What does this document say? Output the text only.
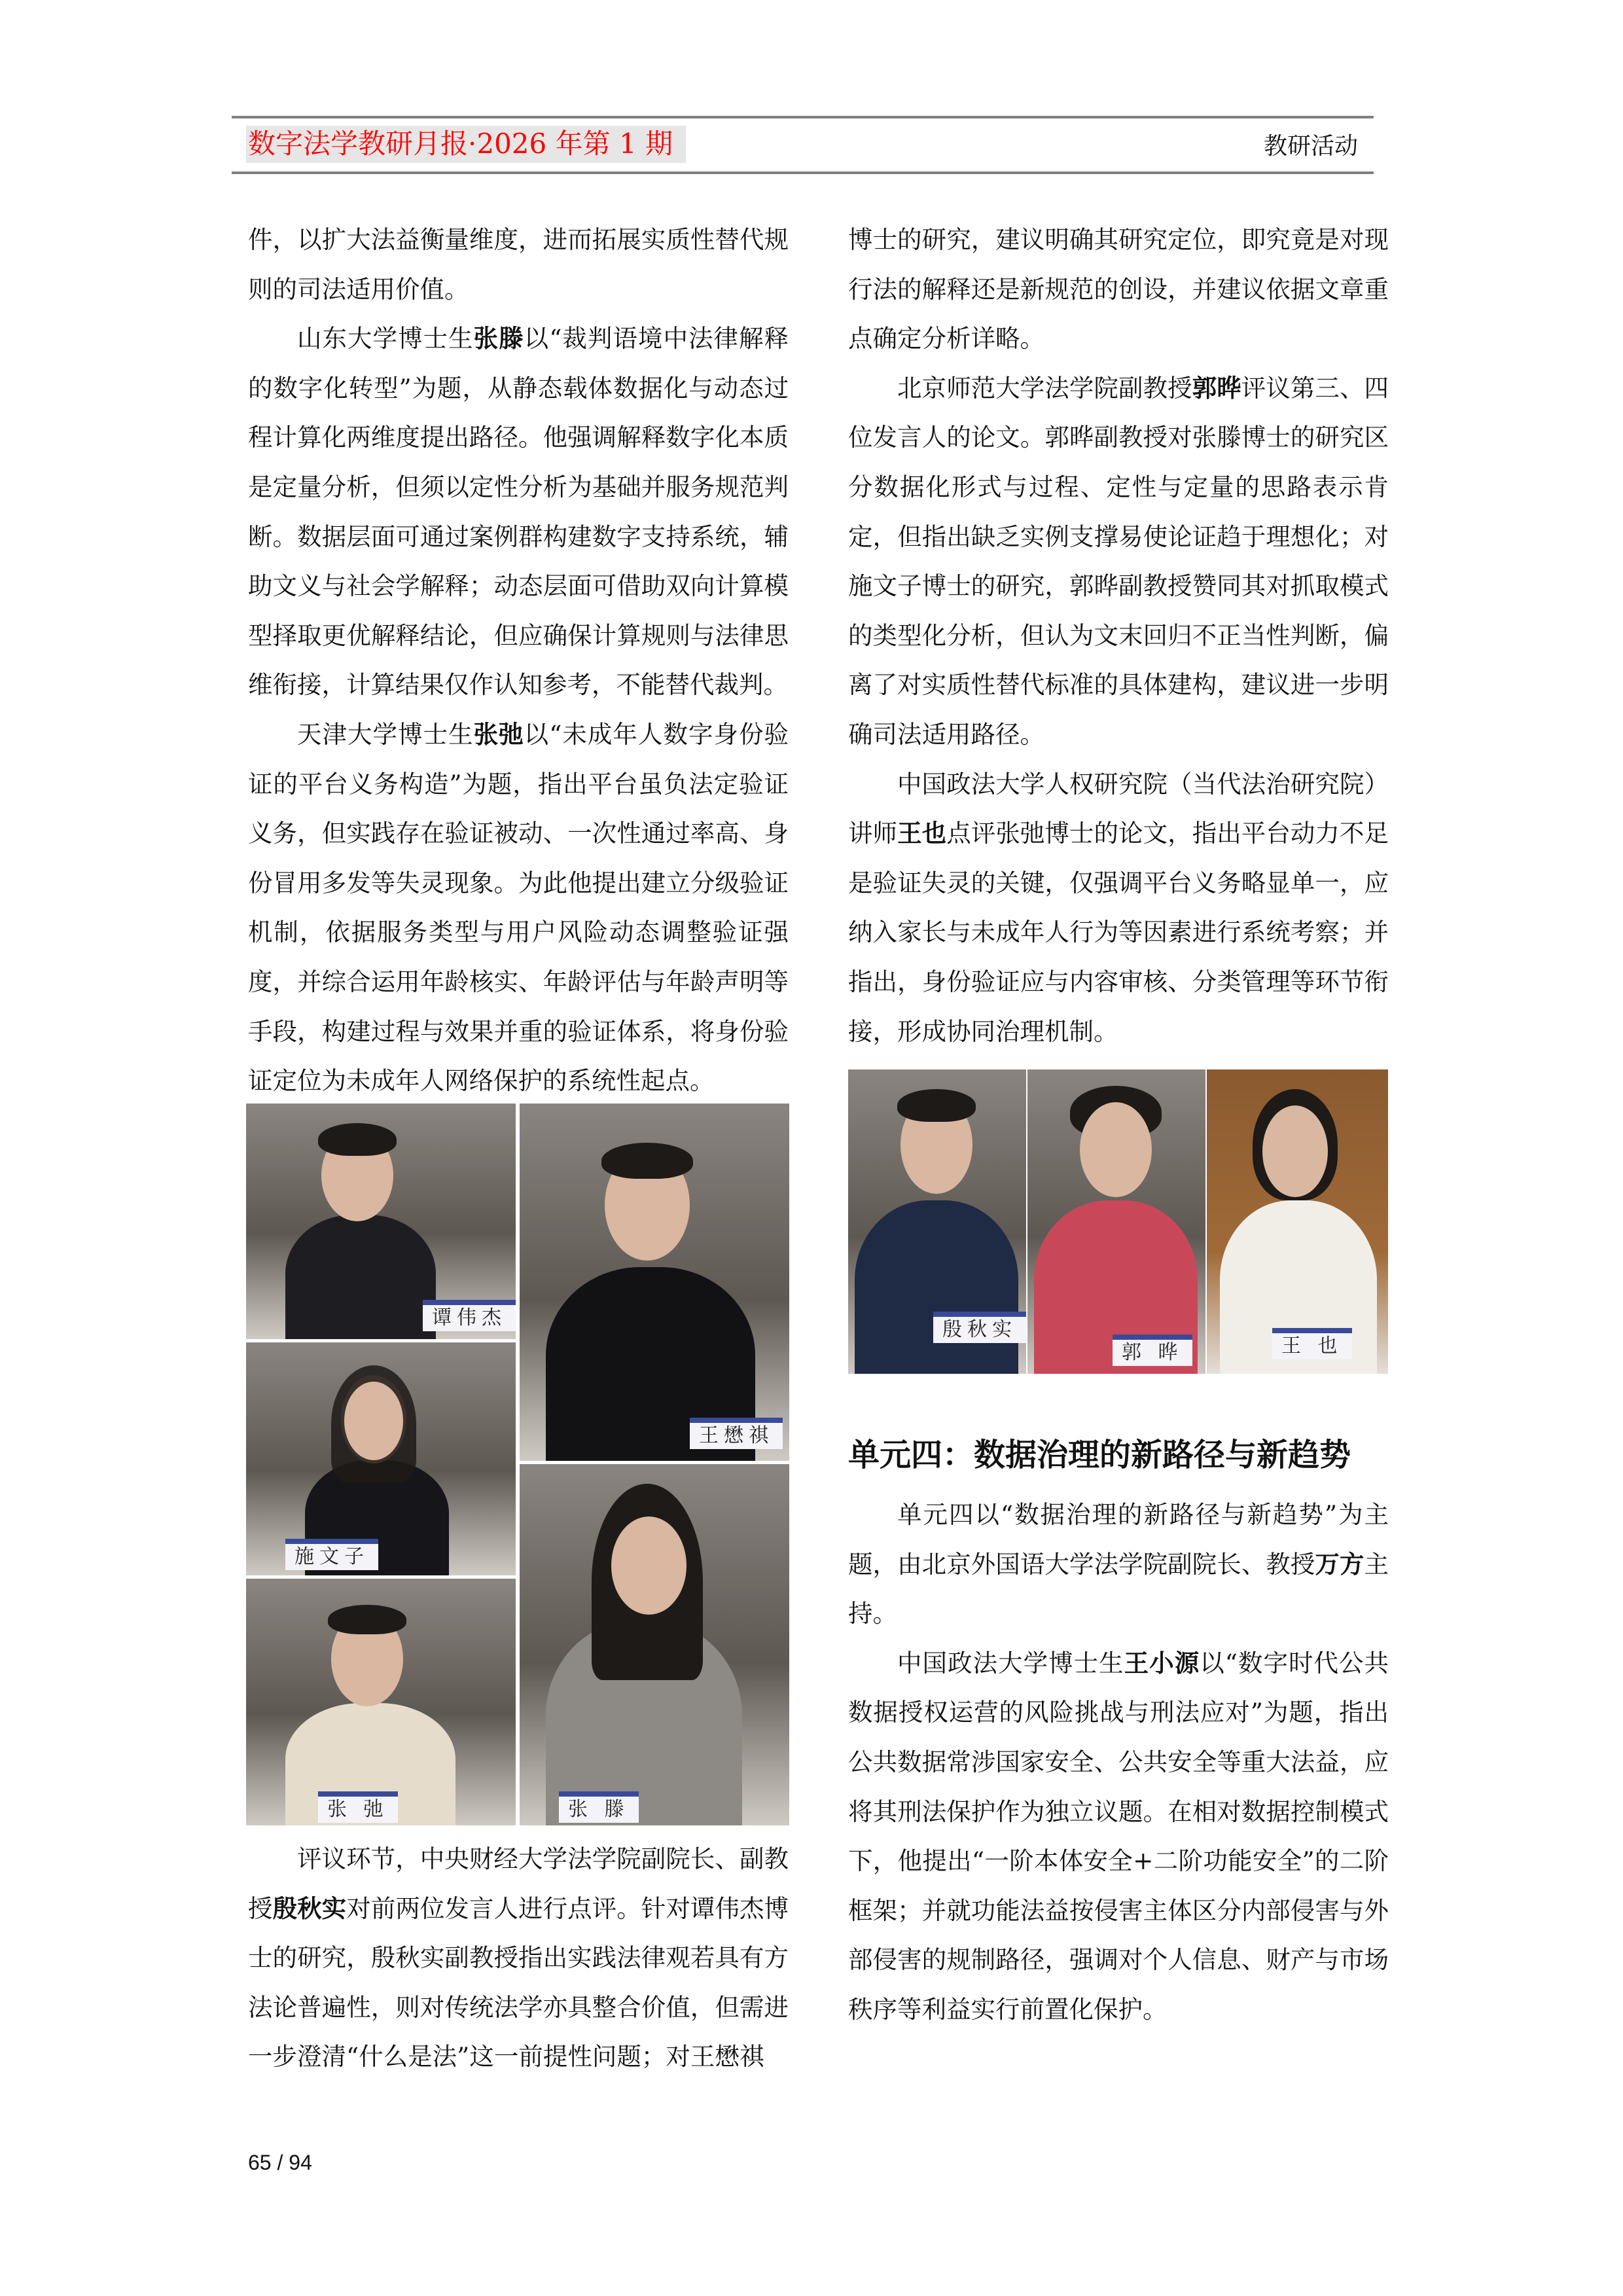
数字法学教研月报·2026 年第 1 期	教研活动

件，以扩大法益衡量维度，进而拓展实质性替代规则的司法适用价值。

山东大学博士生张滕以“裁判语境中法律解释的数字化转型”为题，从静态载体数据化与动态过程计算化两维度提出路径。他强调解释数字化本质是定量分析，但须以定性分析为基础并服务规范判断。数据层面可通过案例群构建数字支持系统，辅助文义与社会学解释；动态层面可借助双向计算模型择取更优解释结论，但应确保计算规则与法律思维衔接，计算结果仅作认知参考，不能替代裁判。

天津大学博士生张弛以“未成年人数字身份验证的平台义务构造”为题，指出平台虽负法定验证义务，但实践存在验证被动、一次性通过率高、身份冒用多发等失灵现象。为此他提出建立分级验证机制，依据服务类型与用户风险动态调整验证强度，并综合运用年龄核实、年龄评估与年龄声明等手段，构建过程与效果并重的验证体系，将身份验证定位为未成年人网络保护的系统性起点。

谭伟杰
施文子
张 弛
王懋祺
张 滕

评议环节，中央财经大学法学院副院长、副教授殷秋实对前两位发言人进行点评。针对谭伟杰博士的研究，殷秋实副教授指出实践法律观若具有方法论普遍性，则对传统法学亦具整合价值，但需进一步澄清“什么是法”这一前提性问题；对王懋祺

博士的研究，建议明确其研究定位，即究竟是对现行法的解释还是新规范的创设，并建议依据文章重点确定分析详略。

北京师范大学法学院副教授郭晔评议第三、四位发言人的论文。郭晔副教授对张滕博士的研究区分数据化形式与过程、定性与定量的思路表示肯定，但指出缺乏实例支撑易使论证趋于理想化；对施文子博士的研究，郭晔副教授赞同其对抓取模式的类型化分析，但认为文末回归不正当性判断，偏离了对实质性替代标准的具体建构，建议进一步明确司法适用路径。

中国政法大学人权研究院（当代法治研究院）讲师王也点评张弛博士的论文，指出平台动力不足是验证失灵的关键，仅强调平台义务略显单一，应纳入家长与未成年人行为等因素进行系统考察；并指出，身份验证应与内容审核、分类管理等环节衔接，形成协同治理机制。

殷秋实
郭 晔	王 也
单元四：数据治理的新路径与新趋势

单元四以“数据治理的新路径与新趋势”为主题，由北京外国语大学法学院副院长、教授万方主持。

中国政法大学博士生王小源以“数字时代公共数据授权运营的风险挑战与刑法应对”为题，指出公共数据常涉国家安全、公共安全等重大法益，应将其刑法保护作为独立议题。在相对数据控制模式下，他提出“一阶本体安全+二阶功能安全”的二阶框架；并就功能法益按侵害主体区分内部侵害与外部侵害的规制路径，强调对个人信息、财产与市场秩序等利益实行前置化保护。

65 / 94
